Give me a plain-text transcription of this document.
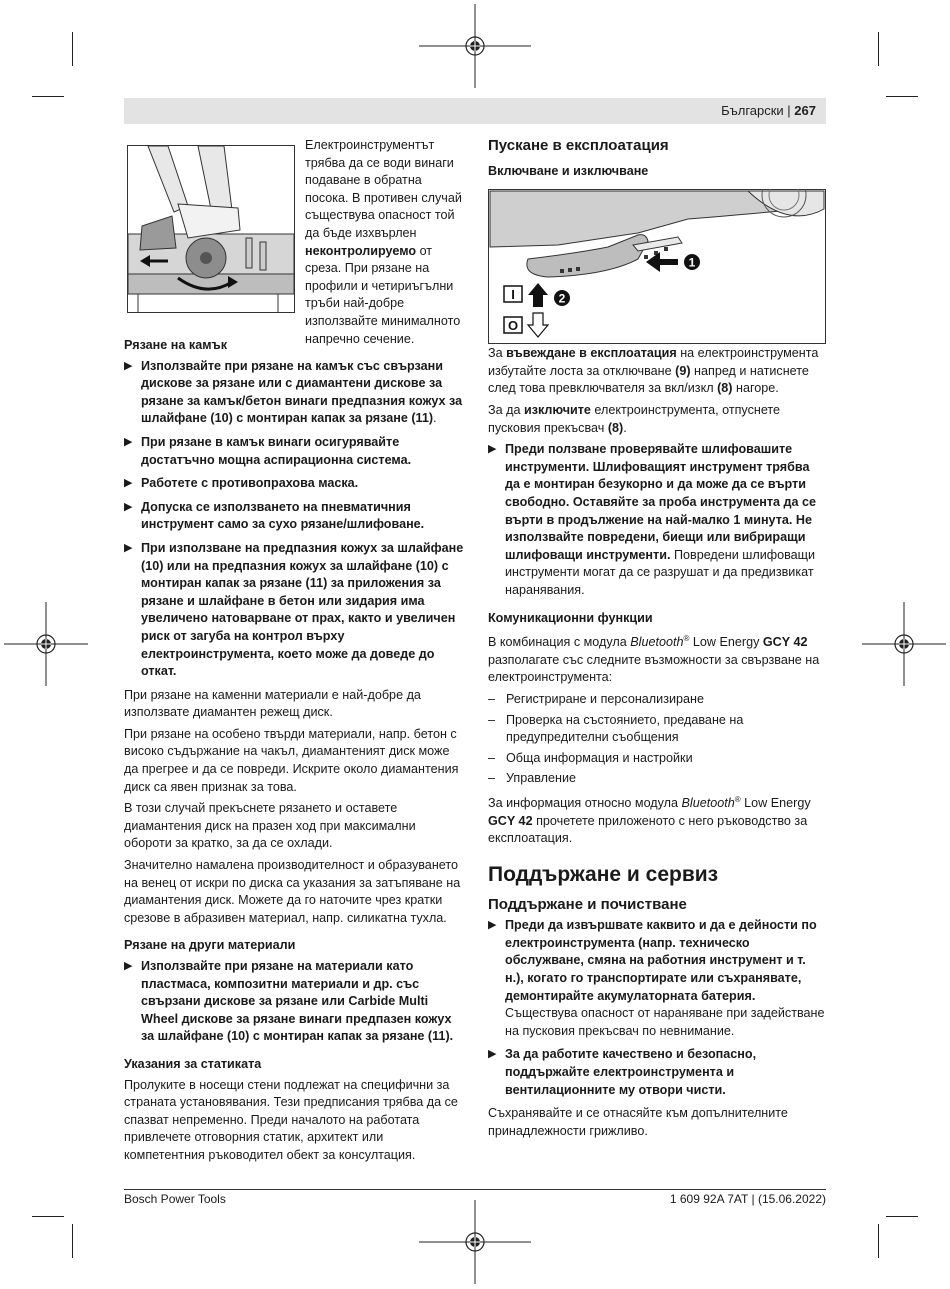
Български | 267

Електроинструментът трябва да се води винаги подаване в обратна посока. В противен случай съществува опасност той да бъде изхвърлен неконтролируемо от среза. При рязане на профили и четириъгълни тръби най-добре използвайте минималното напречно сечение.

Рязане на камък
▶ Използвайте при рязане на камък със свързани дискове за рязане или с диамантени дискове за рязане за камък/бетон винаги предпазния кожух за шлайфане (10) с монтиран капак за рязане (11).
▶ При рязане в камък винаги осигурявайте достатъчно мощна аспирационна система.
▶ Работете с противопрахова маска.
▶ Допуска се използването на пневматичния инструмент само за сухо рязане/шлифоване.
▶ При използване на предпазния кожух за шлайфане (10) или на предпазния кожух за шлайфане (10) с монтиран капак за рязане (11) за приложения за рязане и шлайфане в бетон или зидария има увеличено натоварване от прах, както и увеличен риск от загуба на контрол върху електроинструмента, което може да доведе до откат.

При рязане на каменни материали е най-добре да използвате диамантен режещ диск.

При рязане на особено твърди материали, напр. бетон с високо съдържание на чакъл, диамантеният диск може да прегрее и да се повреди. Искрите около диамантения диск са явен признак за това.

В този случай прекъснете рязането и оставете диамантения диск на празен ход при максимални обороти за кратко, за да се охлади.

Значително намалена производителност и образуването на венец от искри по диска са указания за затъпяване на диамантения диск. Можете да го наточите чрез кратки срезове в абразивен материал, напр. силикатна тухла.

Рязане на други материали
▶ Използвайте при рязане на материали като пластмаса, композитни материали и др. със свързани дискове за рязане или Carbide Multi Wheel дискове за рязане винаги предпазен кожух за шлайфане (10) с монтиран капак за рязане (11).
Указания за статиката

Пролуките в носещи стени подлежат на специфични за страната установявания. Тези предписания трябва да се спазват непременно. Преди началото на работата привлечете отговорния статик, архитект или компетентния ръководител обект за консултация.

Пускане в експлоатация
Включване и изключване

За въвеждане в експлоатация на електроинструмента избутайте лоста за отключване (9) напред и натиснете след това превключвателя за вкл/изкл (8) нагоре.

За да изключите електроинструмента, отпуснете пусковия прекъсвач (8).

▶ Преди ползване проверявайте шлифовашите инструменти. Шлифоващият инструмент трябва да е монтиран безукорно и да може да се върти свободно. Оставяйте за проба инструмента да се върти в продължение на най-малко 1 минута. Не използвайте повредени, биещи или вибриращи шлифоващи инструменти. Повредени шлифоващи инструменти могат да се разрушат и да предизвикат наранявания.
Комуникационни функции

В комбинация с модула Bluetooth® Low Energy GCY 42 разполагате със следните възможности за свързване на електроинструмента:

– Регистриране и персонализиране
– Проверка на състоянието, предаване на предупредителни съобщения
– Обща информация и настройки
– Управление

За информация относно модула Bluetooth® Low Energy GCY 42 прочетете приложеното с него ръководство за експлоатация.

Поддържане и сервиз
Поддържане и почистване
▶ Преди да извършвате каквито и да е дейности по електроинструмента (напр. техническо обслужване, смяна на работния инструмент и т. н.), когато го транспортирате или съхранявате, демонтирайте акумулаторната батерия. Съществува опасност от нараняване при задействане на пусковия прекъсвач по невнимание.
▶ За да работите качествено и безопасно, поддържайте електроинструмента и вентилационните му отвори чисти.

Съхранявайте и се отнасяйте към допълнителните принадлежности грижливо.

1
I	2
O
Bosch Power Tools	1 609 92A 7AT | (15.06.2022)
